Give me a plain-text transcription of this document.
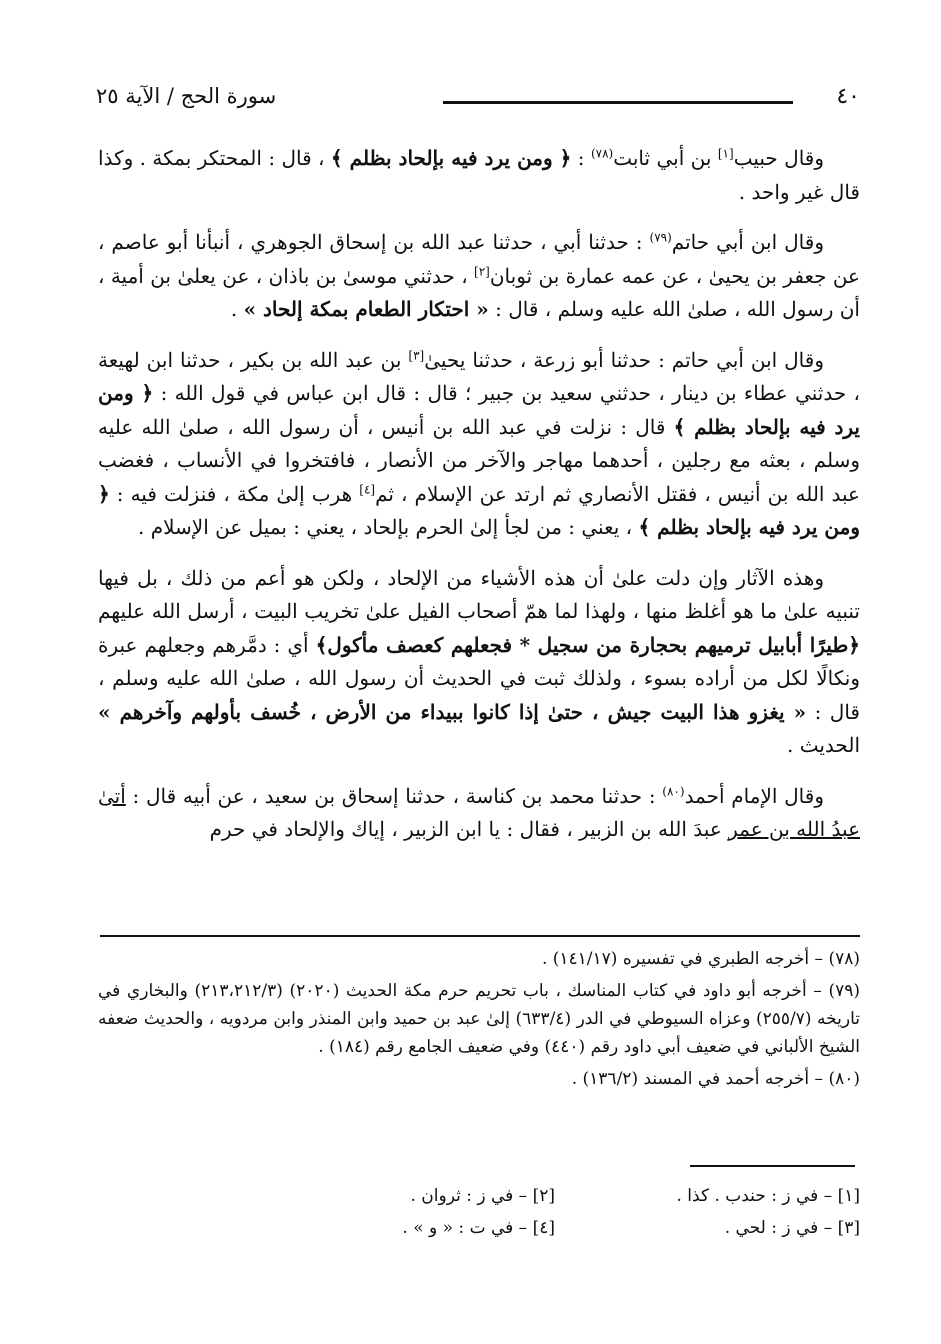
٤٠
سورة الحج / الآية ٢٥

وقال حبيب[١] بن أبي ثابت$^{(٧٨)}$ : ﴿ ومن يرد فيه بإلحاد بظلم ﴾ ، قال : المحتكر بمكة . وكذا قال غير واحد .

وقال ابن أبي حاتم$^{(٧٩)}$ : حدثنا أبي ، حدثنا عبد الله بن إسحاق الجوهري ، أنبأنا أبو عاصم ، عن جعفر بن يحيىٰ ، عن عمه عمارة بن ثوبان[٢] ، حدثني موسىٰ بن باذان ، عن يعلىٰ بن أمية ، أن رسول الله ، صلىٰ الله عليه وسلم ، قال : « احتكار الطعام بمكة إلحاد » .

وقال ابن أبي حاتم : حدثنا أبو زرعة ، حدثنا يحيىٰ[٣] بن عبد الله بن بكير ، حدثنا ابن لهيعة ، حدثني عطاء بن دينار ، حدثني سعيد بن جبير ؛ قال : قال ابن عباس في قول الله : ﴿ ومن يرد فيه بإلحاد بظلم ﴾ قال : نزلت في عبد الله بن أنيس ، أن رسول الله ، صلىٰ الله عليه وسلم ، بعثه مع رجلين ، أحدهما مهاجر والآخر من الأنصار ، فافتخروا في الأنساب ، فغضب عبد الله بن أنيس ، فقتل الأنصاري ثم ارتد عن الإسلام ، ثم[٤] هرب إلىٰ مكة ، فنزلت فيه : ﴿ ومن يرد فيه بإلحاد بظلم ﴾ ، يعني : من لجأ إلىٰ الحرم بإلحاد ، يعني : بميل عن الإسلام .

وهذه الآثار وإن دلت علىٰ أن هذه الأشياء من الإلحاد ، ولكن هو أعم من ذلك ، بل فيها تنبيه علىٰ ما هو أغلظ منها ، ولهذا لما همّ أصحاب الفيل علىٰ تخريب البيت ، أرسل الله عليهم ﴿طيرًا أبابيل ترميهم بحجارة من سجيل * فجعلهم كعصف مأكول﴾ أي : دمَّرهم وجعلهم عبرة ونكالًا لكل من أراده بسوء ، ولذلك ثبت في الحديث أن رسول الله ، صلىٰ الله عليه وسلم ، قال : « يغزو هذا البيت جيش ، حتىٰ إذا كانوا ببيداء من الأرض ، خُسف بأولهم وآخرهم » الحديث .

وقال الإمام أحمد$^{(٨٠)}$ : حدثنا محمد بن كناسة ، حدثنا إسحاق بن سعيد ، عن أبيه قال : أتىٰ عبدُ الله بن عمر عبدَ الله بن الزبير ، فقال : يا ابن الزبير ، إياك والإلحاد في حرم

(٧٨) – أخرجه الطبري في تفسيره (١٤١/١٧) .

(٧٩) – أخرجه أبو داود في كتاب المناسك ، باب تحريم حرم مكة الحديث (٢٠٢٠) (٢١٣،٢١٢/٣) والبخاري في تاريخه (٢٥٥/٧) وعزاه السيوطي في الدر (٦٣٣/٤) إلىٰ عبد بن حميد وابن المنذر وابن مردويه ، والحديث ضعفه الشيخ الألباني في ضعيف أبي داود رقم (٤٤٠) وفي ضعيف الجامع رقم (١٨٤) .

(٨٠) – أخرجه أحمد في المسند (١٣٦/٢) .

[١] – في ز : حندب . كذا .
[٢] – في ز : ثروان .
[٣] – في ز : لحي .
[٤] – في ت : « و » .
